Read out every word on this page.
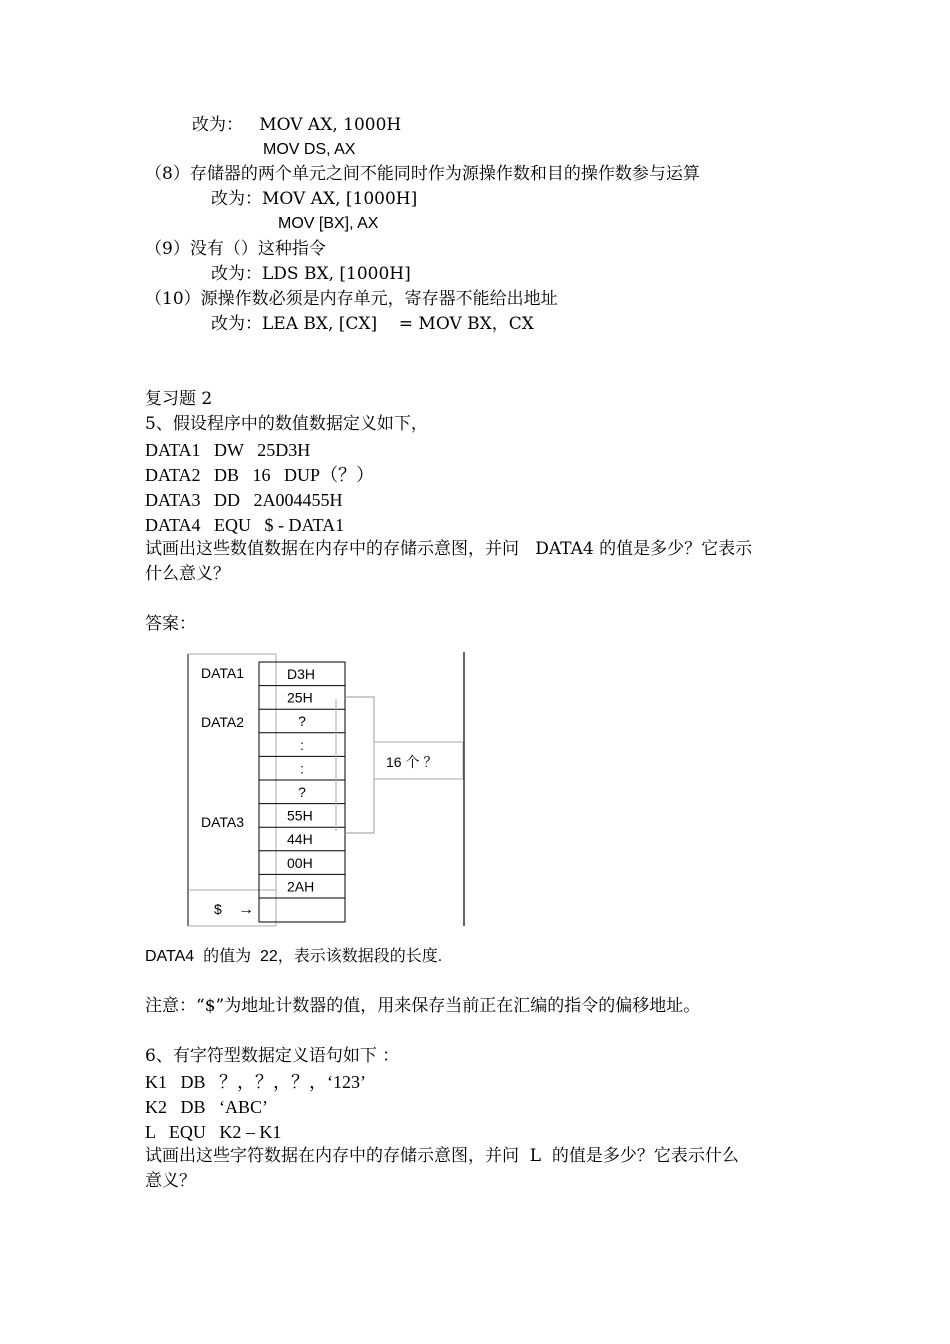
改为：   MOV AX, 1000H
MOV DS, AX
（8）存储器的两个单元之间不能同时作为源操作数和目的操作数参与运算
改为：MOV AX, [1000H]
MOV [BX], AX
（9）没有（）这种指令
改为：LDS BX, [1000H]
（10）源操作数必须是内存单元，寄存器不能给出地址
改为：LEA BX, [CX]    = MOV BX，CX
复习题 2
5、假设程序中的数值数据定义如下，
DATA1   DW   25D3H
DATA2   DB   16   DUP（？）
DATA3   DD   2A004455H
DATA4   EQU   $ - DATA1
试画出这些数值数据在内存中的存储示意图，并问   DATA4 的值是多少？它表示
什么意义？
答案：
D3H
25H
?
:
:
?
55H
44H
00H
2AH
DATA1
DATA2
DATA3
16 个 ？
$ →
DATA4  的值为  22，表示该数据段的长度.
注意：“$”为地址计数器的值，用来保存当前正在汇编的指令的偏移地址。
6、有字符型数据定义语句如下 ：
K1   DB   ？，？，？，‘123’
K2   DB   ‘ABC’
L   EQU   K2 – K1
试画出这些字符数据在内存中的存储示意图，并问  L  的值是多少？它表示什么
意义？
